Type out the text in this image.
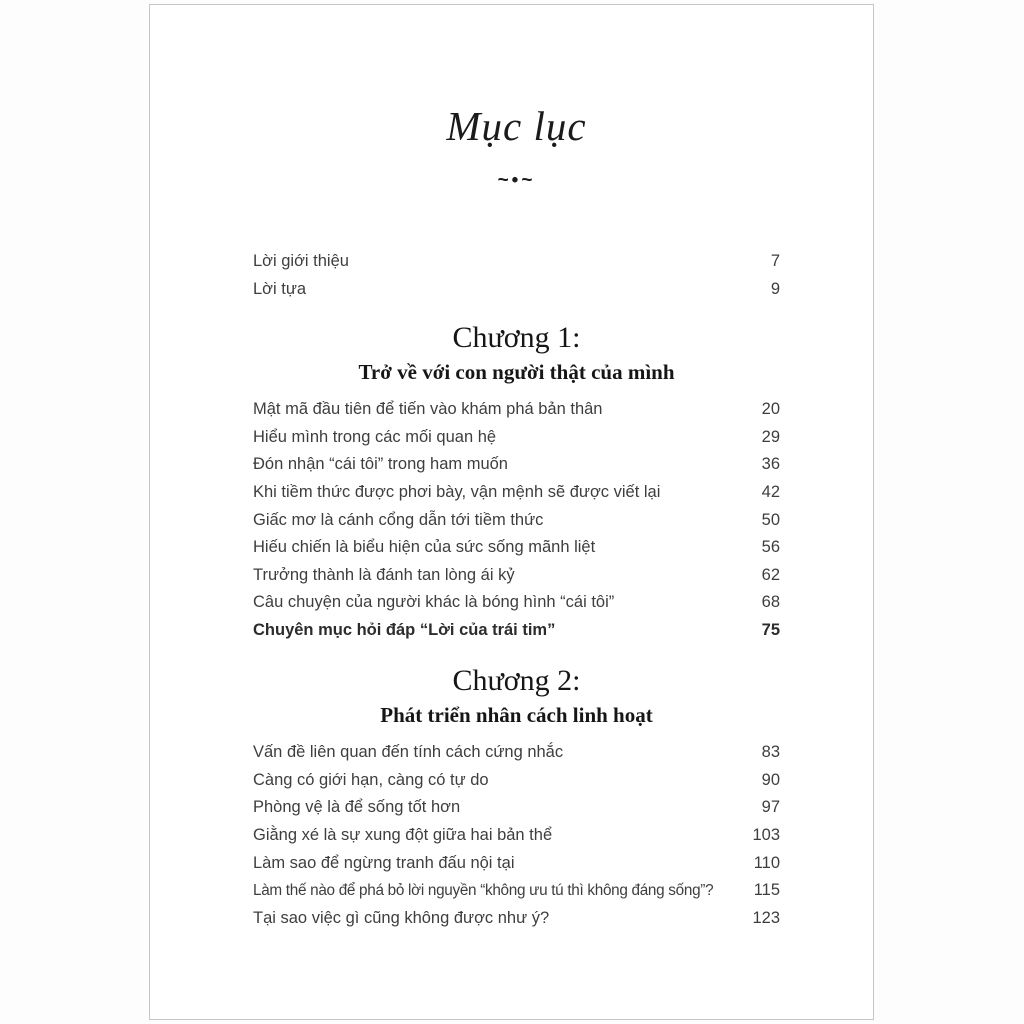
Mục lục
~•~
Lời giới thiệu	7
Lời tựa	9
Chương 1:
Trở về với con người thật của mình
Mật mã đầu tiên để tiến vào khám phá bản thân	20
Hiểu mình trong các mối quan hệ	29
Đón nhận “cái tôi” trong ham muốn	36
Khi tiềm thức được phơi bày, vận mệnh sẽ được viết lại	42
Giấc mơ là cánh cổng dẫn tới tiềm thức	50
Hiếu chiến là biểu hiện của sức sống mãnh liệt	56
Trưởng thành là đánh tan lòng ái kỷ	62
Câu chuyện của người khác là bóng hình “cái tôi”	68
Chuyên mục hỏi đáp “Lời của trái tim”	75
Chương 2:
Phát triển nhân cách linh hoạt
Vấn đề liên quan đến tính cách cứng nhắc	83
Càng có giới hạn, càng có tự do	90
Phòng vệ là để sống tốt hơn	97
Giằng xé là sự xung đột giữa hai bản thể	103
Làm sao để ngừng tranh đấu nội tại	110
Làm thế nào để phá bỏ lời nguyền “không ưu tú thì không đáng sống”?	115
Tại sao việc gì cũng không được như ý?	123
